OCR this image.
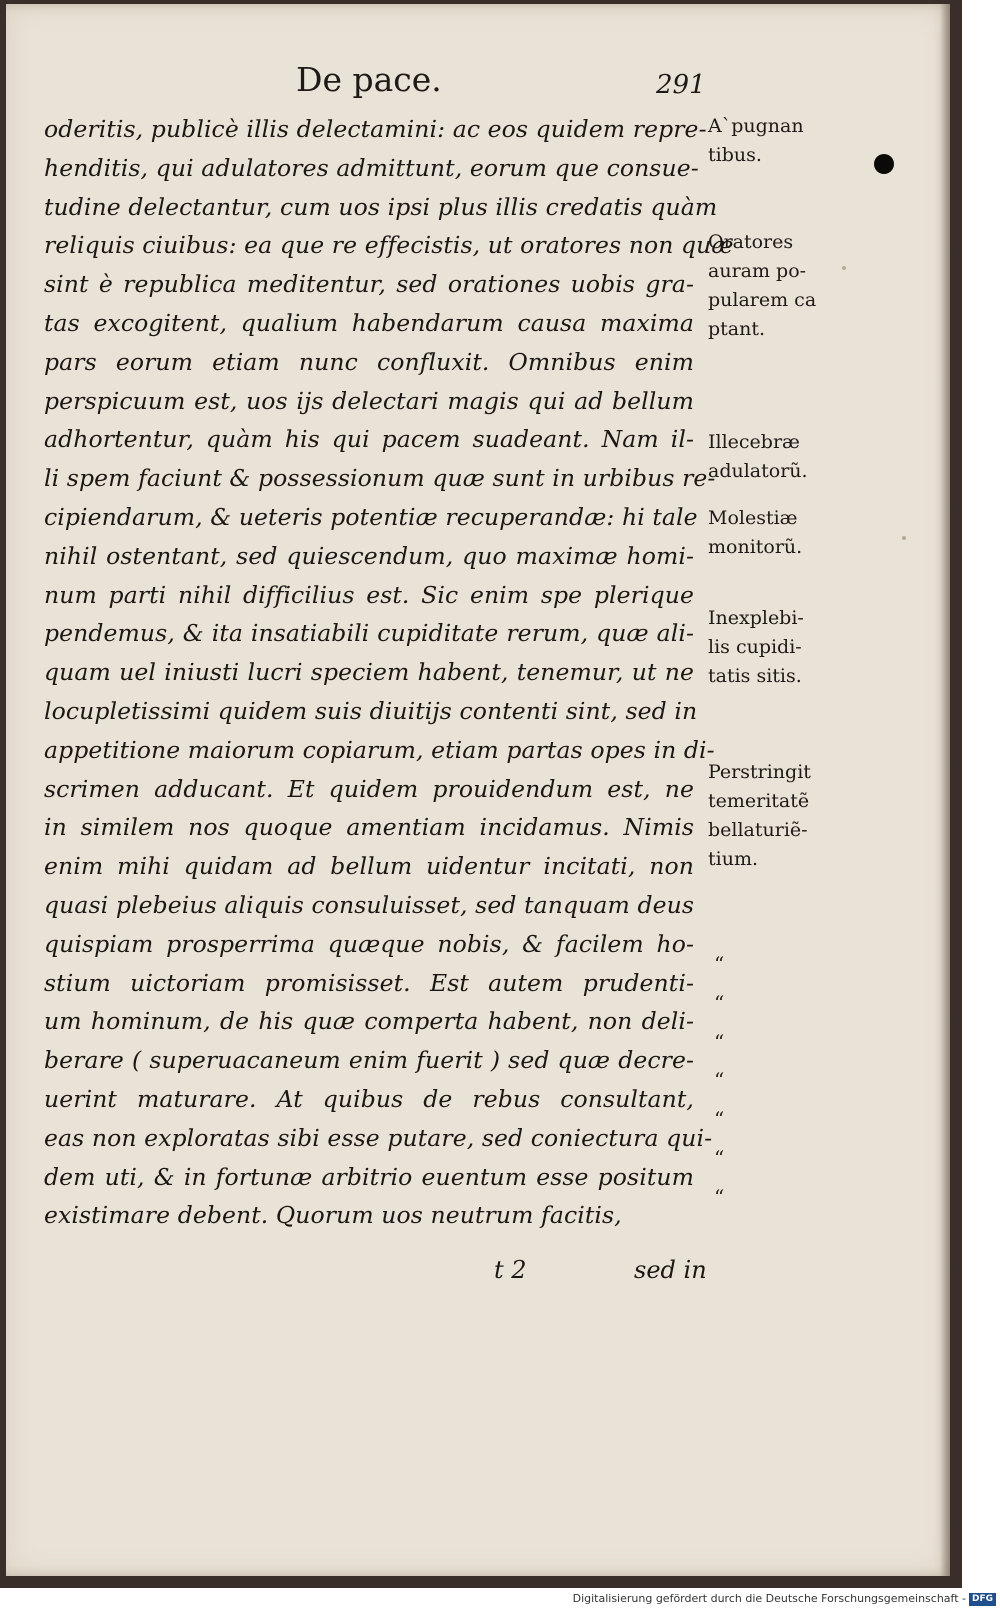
De pace.	291
oderitis, publicè illis delectamini: ac eos quidem repre-
henditis, qui adulatores admittunt, eorum que consue-
tudine delectantur, cum uos ipsi plus illis credatis quàm
reliquis ciuibus: ea que re effecistis, ut oratores non quæ
sint è republica meditentur, sed orationes uobis gra-
tas excogitent, qualium habendarum causa maxima
pars eorum etiam nunc confluxit. Omnibus enim
perspicuum est, uos ijs delectari magis qui ad bellum
adhortentur, quàm his qui pacem suadeant. Nam il-
li spem faciunt & possessionum quæ sunt in urbibus re-
cipiendarum, & ueteris potentiæ recuperandæ: hi tale
nihil ostentant, sed quiescendum, quo maximæ homi-
num parti nihil difficilius est. Sic enim spe plerique
pendemus, & ita insatiabili cupiditate rerum, quæ ali-
quam uel iniusti lucri speciem habent, tenemur, ut ne
locupletissimi quidem suis diuitijs contenti sint, sed in
appetitione maiorum copiarum, etiam partas opes in di-
scrimen adducant. Et quidem prouidendum est, ne
in similem nos quoque amentiam incidamus. Nimis
enim mihi quidam ad bellum uidentur incitati, non
quasi plebeius aliquis consuluisset, sed tanquam deus
quispiam prosperrima quæque nobis, & facilem ho-
stium uictoriam promisisset. Est autem prudenti-
um hominum, de his quæ comperta habent, non deli-
berare ( superuacaneum enim fuerit ) sed quæ decre-
uerint maturare. At quibus de rebus consultant,
eas non exploratas sibi esse putare, sed coniectura qui-
dem uti, & in fortunæ arbitrio euentum esse positum
existimare debent. Quorum uos neutrum facitis,
A`pugnan
tibus.
Oratores
auram po-
pularem ca
ptant.
Illecebræ
adulatorũ.
Molestiæ
monitorũ.
Inexplebi-
lis cupidi-
tatis sitis.
Perstringit
temeritatẽ
bellaturiẽ-
tium.
“
“
“
“
“
“
“
t 2	sed in
Digitalisierung gefördert durch die Deutsche Forschungsgemeinschaft - DFG
